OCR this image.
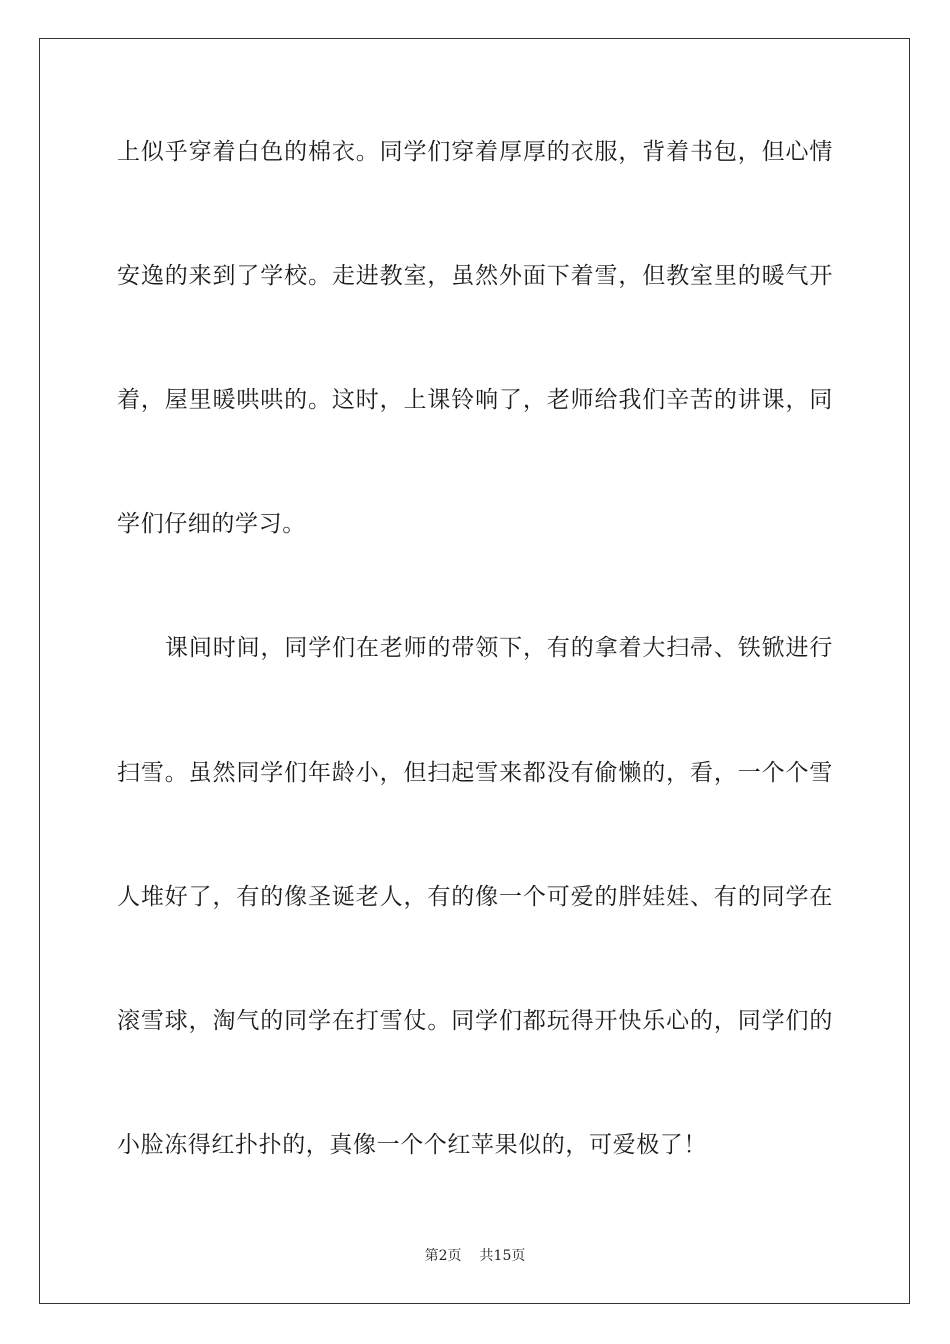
上似乎穿着白色的棉衣。同学们穿着厚厚的衣服，背着书包，但心情
安逸的来到了学校。走进教室，虽然外面下着雪，但教室里的暖气开
着，屋里暖哄哄的。这时，上课铃响了，老师给我们辛苦的讲课，同
学们仔细的学习。
课间时间，同学们在老师的带领下，有的拿着大扫帚、铁锨进行
扫雪。虽然同学们年龄小，但扫起雪来都没有偷懒的，看，一个个雪
人堆好了，有的像圣诞老人，有的像一个可爱的胖娃娃、有的同学在
滚雪球，淘气的同学在打雪仗。同学们都玩得开快乐心的，同学们的
小脸冻得红扑扑的，真像一个个红苹果似的，可爱极了！
第2页 共15页
